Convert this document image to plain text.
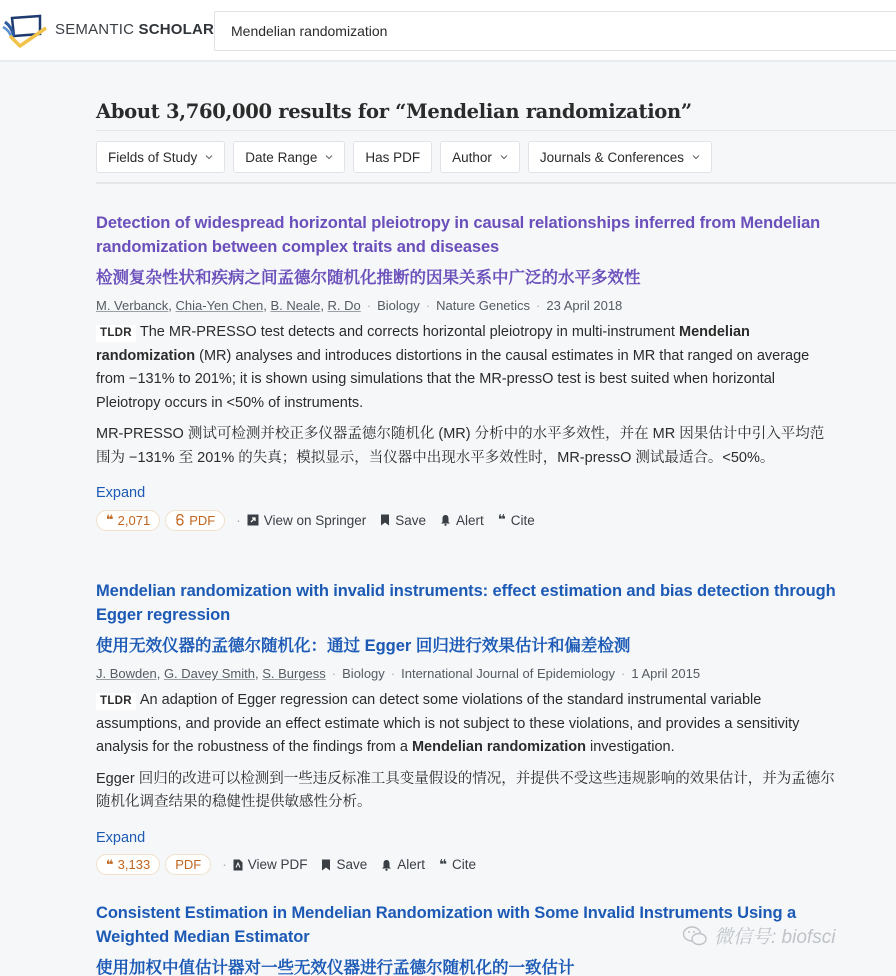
SEMANTIC SCHOLAR	Mendelian randomization
About 3,760,000 results for “Mendelian randomization”
Fields of Study	Date Range	Has PDF Author	Journals & Conferences
Detection of widespread horizontal pleiotropy in causal relationships inferred from Mendelian randomization between complex traits and diseases
检测复杂性状和疾病之间孟德尔随机化推断的因果关系中广泛的水平多效性
M. Verbanck, Chia-Yen Chen, B. Neale, R. Do · Biology · Nature Genetics · 23 April 2018
TLDR The MR-PRESSO test detects and corrects horizontal pleiotropy in multi-instrument Mendelian randomization (MR) analyses and introduces distortions in the causal estimates in MR that ranged on average from −131% to 201%; it is shown using simulations that the MR-pressO test is best suited when horizontal Pleiotropy occurs in <50% of instruments.
MR-PRESSO 测试可检测并校正多仪器孟德尔随机化 (MR) 分析中的水平多效性，并在 MR 因果估计中引入平均范围为 −131% 至 201% 的失真；模拟显示，当仪器中出现水平多效性时，MR-pressO 测试最适合。<50%。
Expand
❝ 2,071	PDF · View on Springer Save Alert ❝ Cite
Mendelian randomization with invalid instruments: effect estimation and bias detection through Egger regression
使用无效仪器的孟德尔随机化：通过 Egger 回归进行效果估计和偏差检测
J. Bowden, G. Davey Smith, S. Burgess · Biology · International Journal of Epidemiology · 1 April 2015
TLDR An adaption of Egger regression can detect some violations of the standard instrumental variable assumptions, and provide an effect estimate which is not subject to these violations, and provides a sensitivity analysis for the robustness of the findings from a Mendelian randomization investigation.
Egger 回归的改进可以检测到一些违反标准工具变量假设的情况，并提供不受这些违规影响的效果估计，并为孟德尔随机化调查结果的稳健性提供敏感性分析。
Expand
❝ 3,133 PDF · View PDF Save Alert ❝ Cite
Consistent Estimation in Mendelian Randomization with Some Invalid Instruments Using a Weighted Median Estimator
使用加权中值估计器对一些无效仪器进行孟德尔随机化的一致估计
微信号: biofsci
